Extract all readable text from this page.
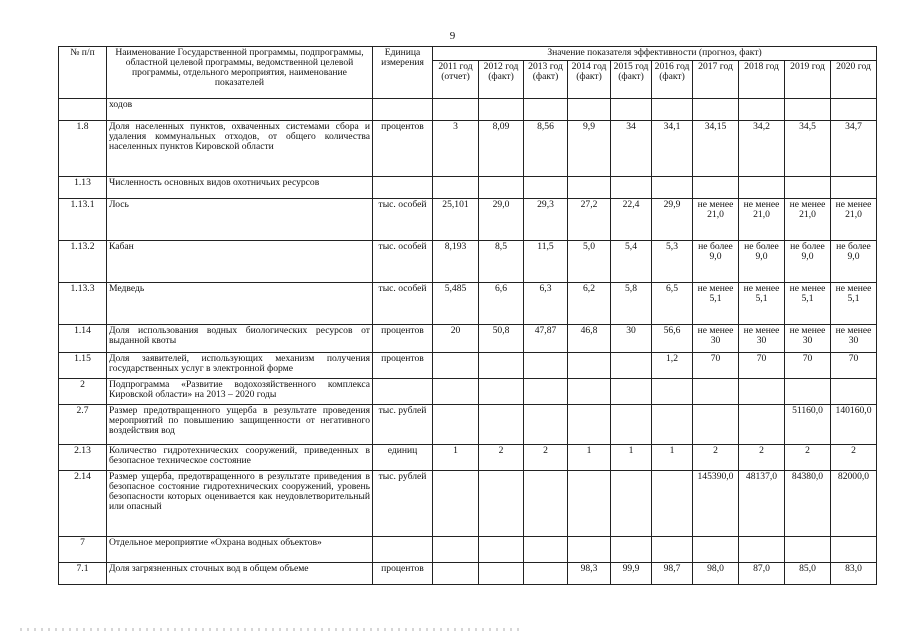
9
№ п/п	Наименование Государственной программы, подпрограммы, областной целевой программы, ведомственной целевой программы, отдельного мероприятия, наименование показателей	Единица измерения	Значение показателя эффективности (прогноз, факт)									
			2011 год (отчет)	2012 год (факт)	2013 год (факт)	2014 год (факт)	2015 год (факт)	2016 год (факт)	2017 год	2018 год	2019 год	2020 год
	ходов											
1.8	Доля населенных пунктов, охваченных системами сбора и удаления коммунальных отходов, от общего количества населенных пунктов Кировской области	процентов	3	8,09	8,56	9,9	34	34,1	34,15	34,2	34,5	34,7
1.13	Численность основных видов охотничьих ресурсов											
1.13.1	Лось	тыс. особей	25,101	29,0	29,3	27,2	22,4	29,9	не менее 21,0	не менее 21,0	не менее 21,0	не менее 21,0
1.13.2	Кабан	тыс. особей	8,193	8,5	11,5	5,0	5,4	5,3	не более 9,0	не более 9,0	не более 9,0	не более 9,0
1.13.3	Медведь	тыс. особей	5,485	6,6	6,3	6,2	5,8	6,5	не менее 5,1	не менее 5,1	не менее 5,1	не менее 5,1
1.14	Доля использования водных биологических ресурсов от выданной квоты	процентов	20	50,8	47,87	46,8	30	56,6	не менее 30	не менее 30	не менее 30	не менее 30
1.15	Доля заявителей, использующих механизм получения государственных услуг в электронной форме	процентов						1,2	70	70	70	70
2	Подпрограмма «Развитие водохозяйственного комплекса Кировской области» на 2013 – 2020 годы											
2.7	Размер предотвращенного ущерба в результате проведения мероприятий по повышению защищенности от негативного воздействия вод	тыс. рублей									51160,0	140160,0
2.13	Количество гидротехнических сооружений, приведенных в безопасное техническое состояние	единиц	1	2	2	1	1	1	2	2	2	2
2.14	Размер ущерба, предотвращенного в результате приведения в безопасное состояние гидротехнических сооружений, уровень безопасности которых оценивается как неудовлетворительный или опасный	тыс. рублей							145390,0	48137,0	84380,0	82000,0
7	Отдельное мероприятие «Охрана водных объектов»											
7.1	Доля загрязненных сточных вод в общем объеме	процентов				98,3	99,9	98,7	98,0	87,0	85,0	83,0
